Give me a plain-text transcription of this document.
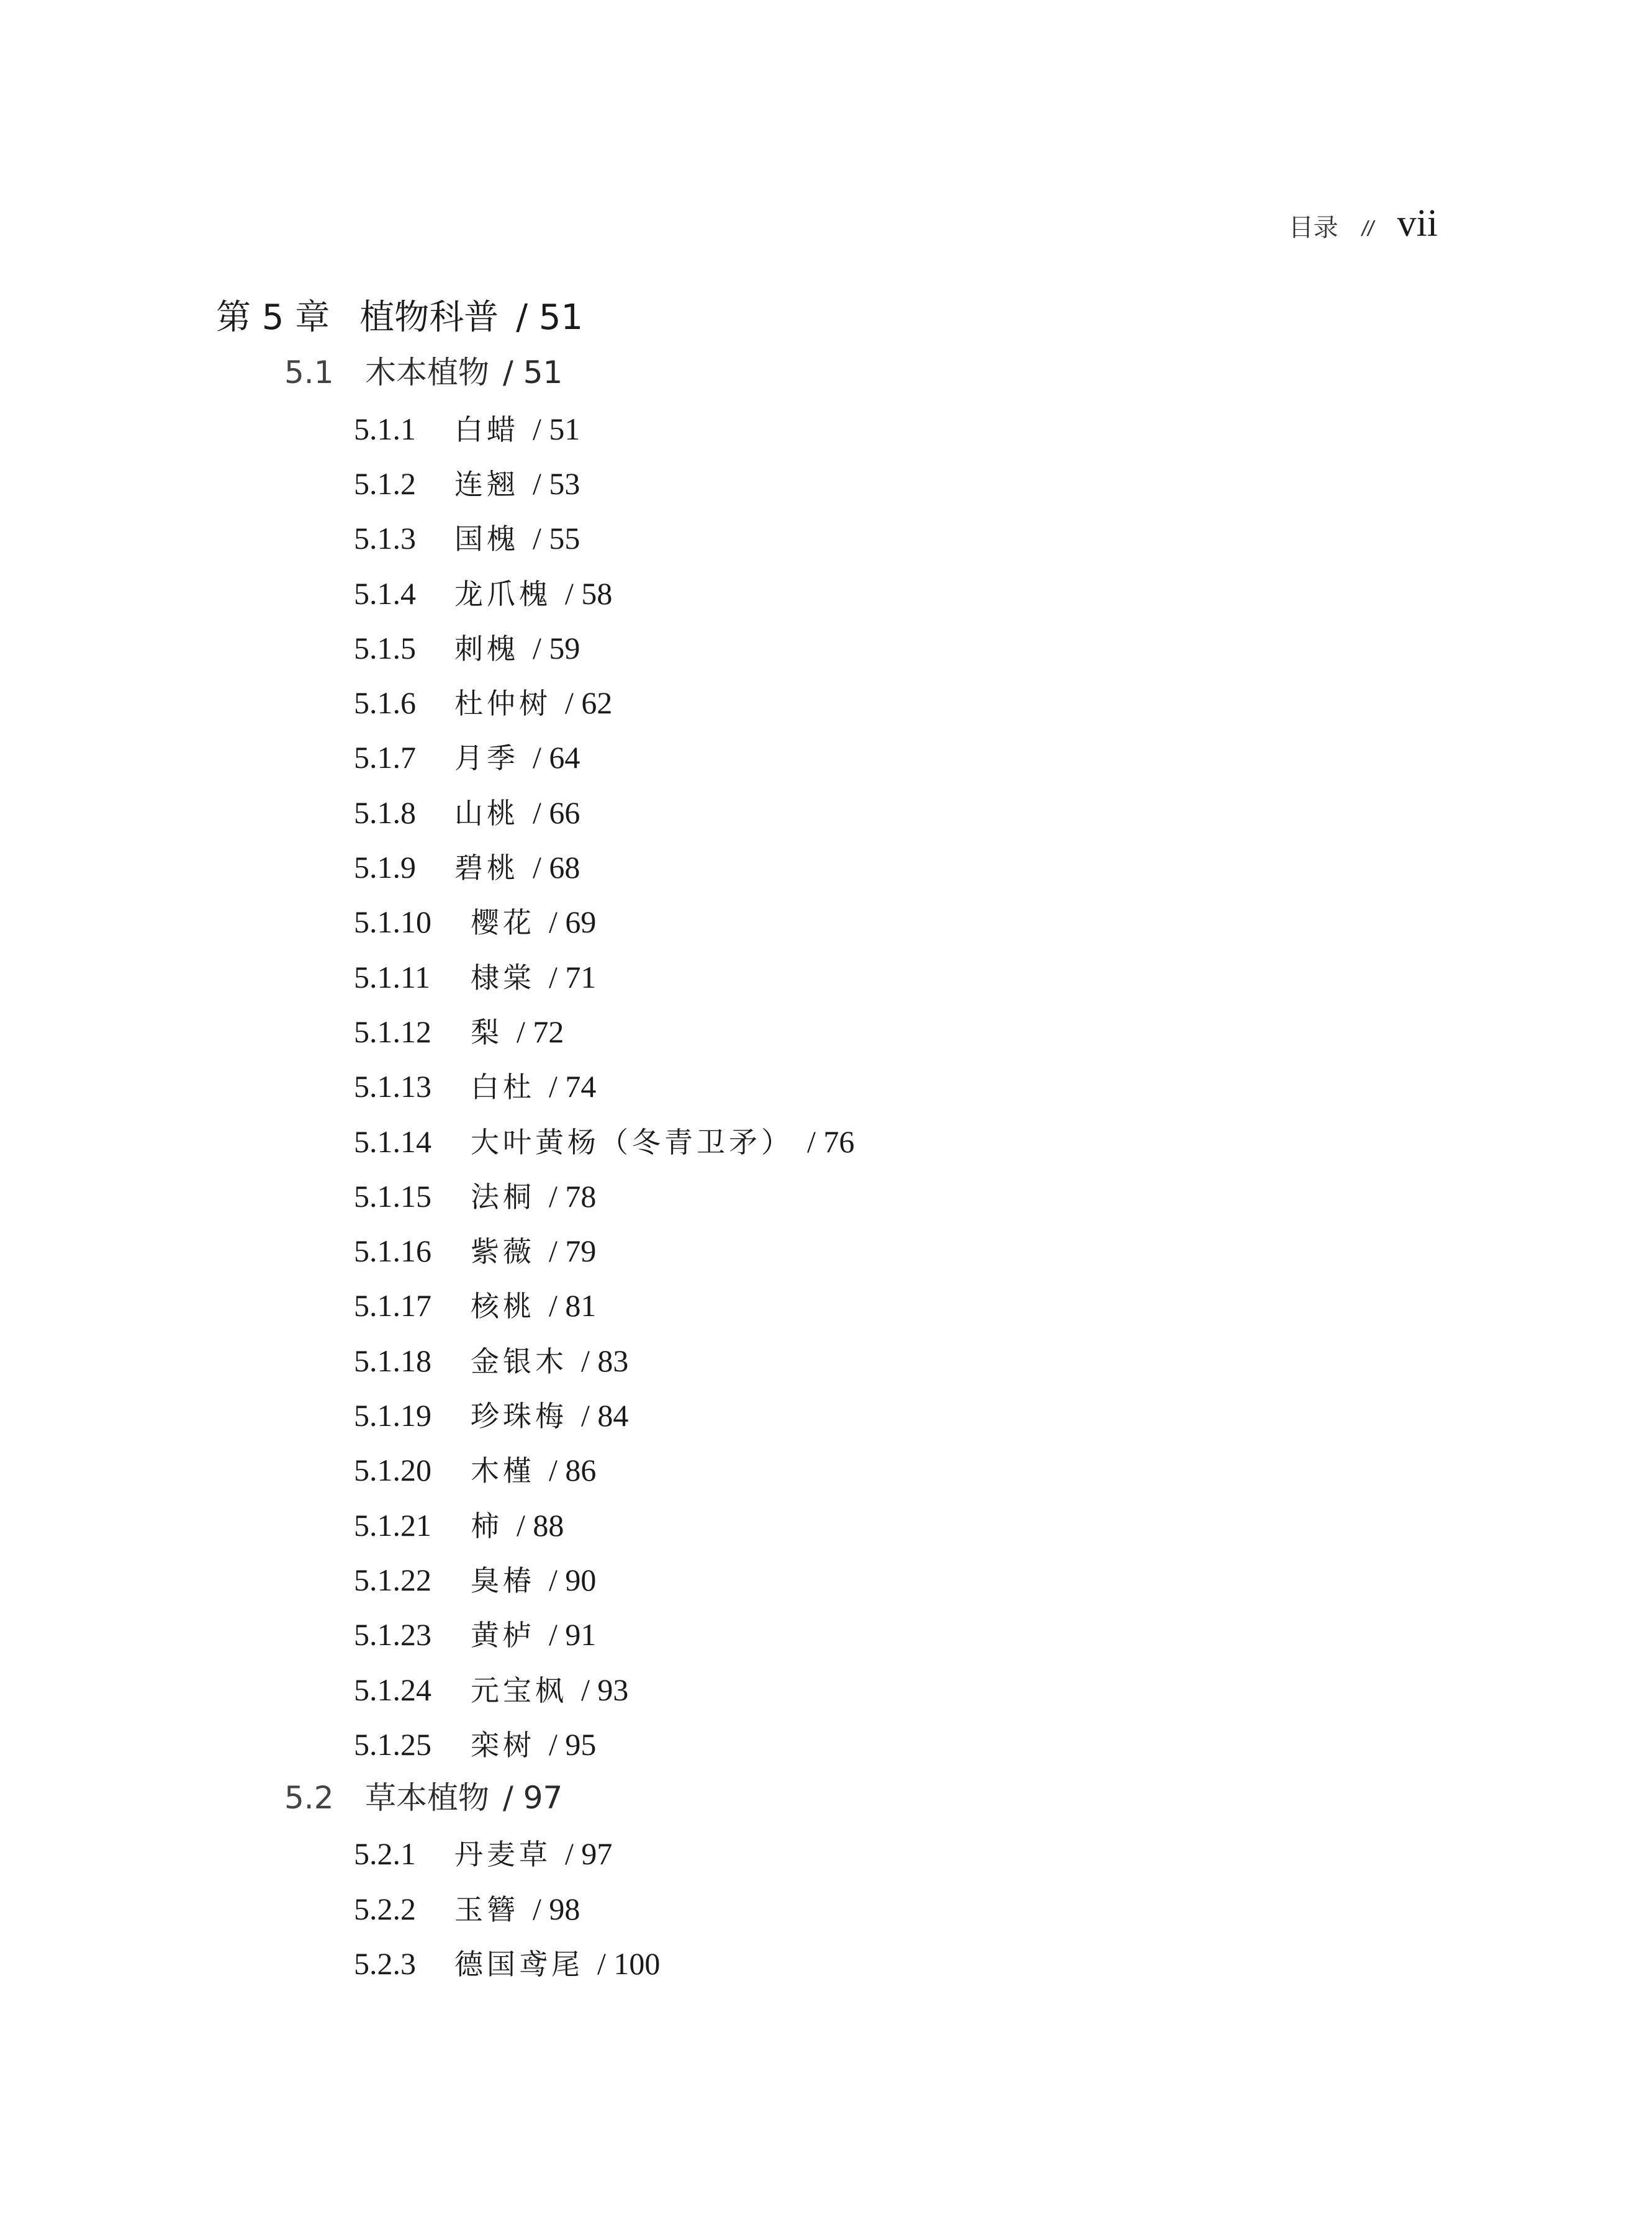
目录 // vii
第 5 章 植物科普 / 51
5.1 木本植物 / 51
5.1.1 白蜡 / 51
5.1.2 连翘 / 53
5.1.3 国槐 / 55
5.1.4 龙爪槐 / 58
5.1.5 刺槐 / 59
5.1.6 杜仲树 / 62
5.1.7 月季 / 64
5.1.8 山桃 / 66
5.1.9 碧桃 / 68
5.1.10 樱花 / 69
5.1.11 棣棠 / 71
5.1.12 梨 / 72
5.1.13 白杜 / 74
5.1.14 大叶黄杨（冬青卫矛） / 76
5.1.15 法桐 / 78
5.1.16 紫薇 / 79
5.1.17 核桃 / 81
5.1.18 金银木 / 83
5.1.19 珍珠梅 / 84
5.1.20 木槿 / 86
5.1.21 柿 / 88
5.1.22 臭椿 / 90
5.1.23 黄栌 / 91
5.1.24 元宝枫 / 93
5.1.25 栾树 / 95
5.2 草本植物 / 97
5.2.1 丹麦草 / 97
5.2.2 玉簪 / 98
5.2.3 德国鸢尾 / 100
